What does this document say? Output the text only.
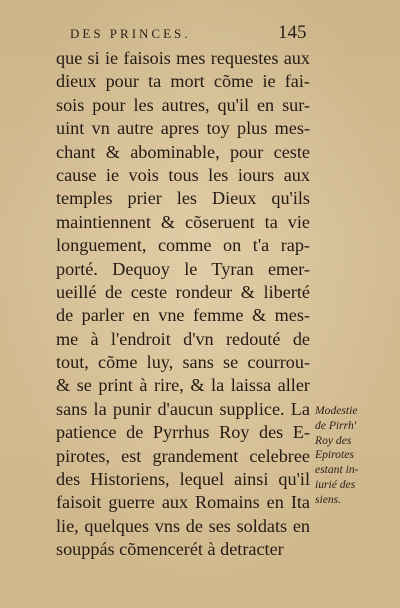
DES PRINCES.	145
que si ie faisois mes requestes aux
dieux pour ta mort cõme ie fai-
sois pour les autres, qu'il en sur-
uint vn autre apres toy plus mes-
chant & abominable, pour ceste
cause ie vois tous les iours aux
temples prier les Dieux qu'ils
maintiennent & cõseruent ta vie
longuement, comme on t'a rap-
porté. Dequoy le Tyran emer-
ueillé de ceste rondeur & liberté
de parler en vne femme & mes-
me à l'endroit d'vn redouté de
tout, cõme luy, sans se courrou-
& se print à rire, & la laissa aller
sans la punir d'aucun supplice. La
patience de Pyrrhus Roy des E-
pirotes, est grandement celebree
des Historiens, lequel ainsi qu'il
faisoit guerre aux Romains en Ita
lie, quelques vns de ses soldats en
souppás cõmencerét à detracter
Modestie
de Pirrh'
Roy des
Epirotes
estant in-
iurié des
siens.
